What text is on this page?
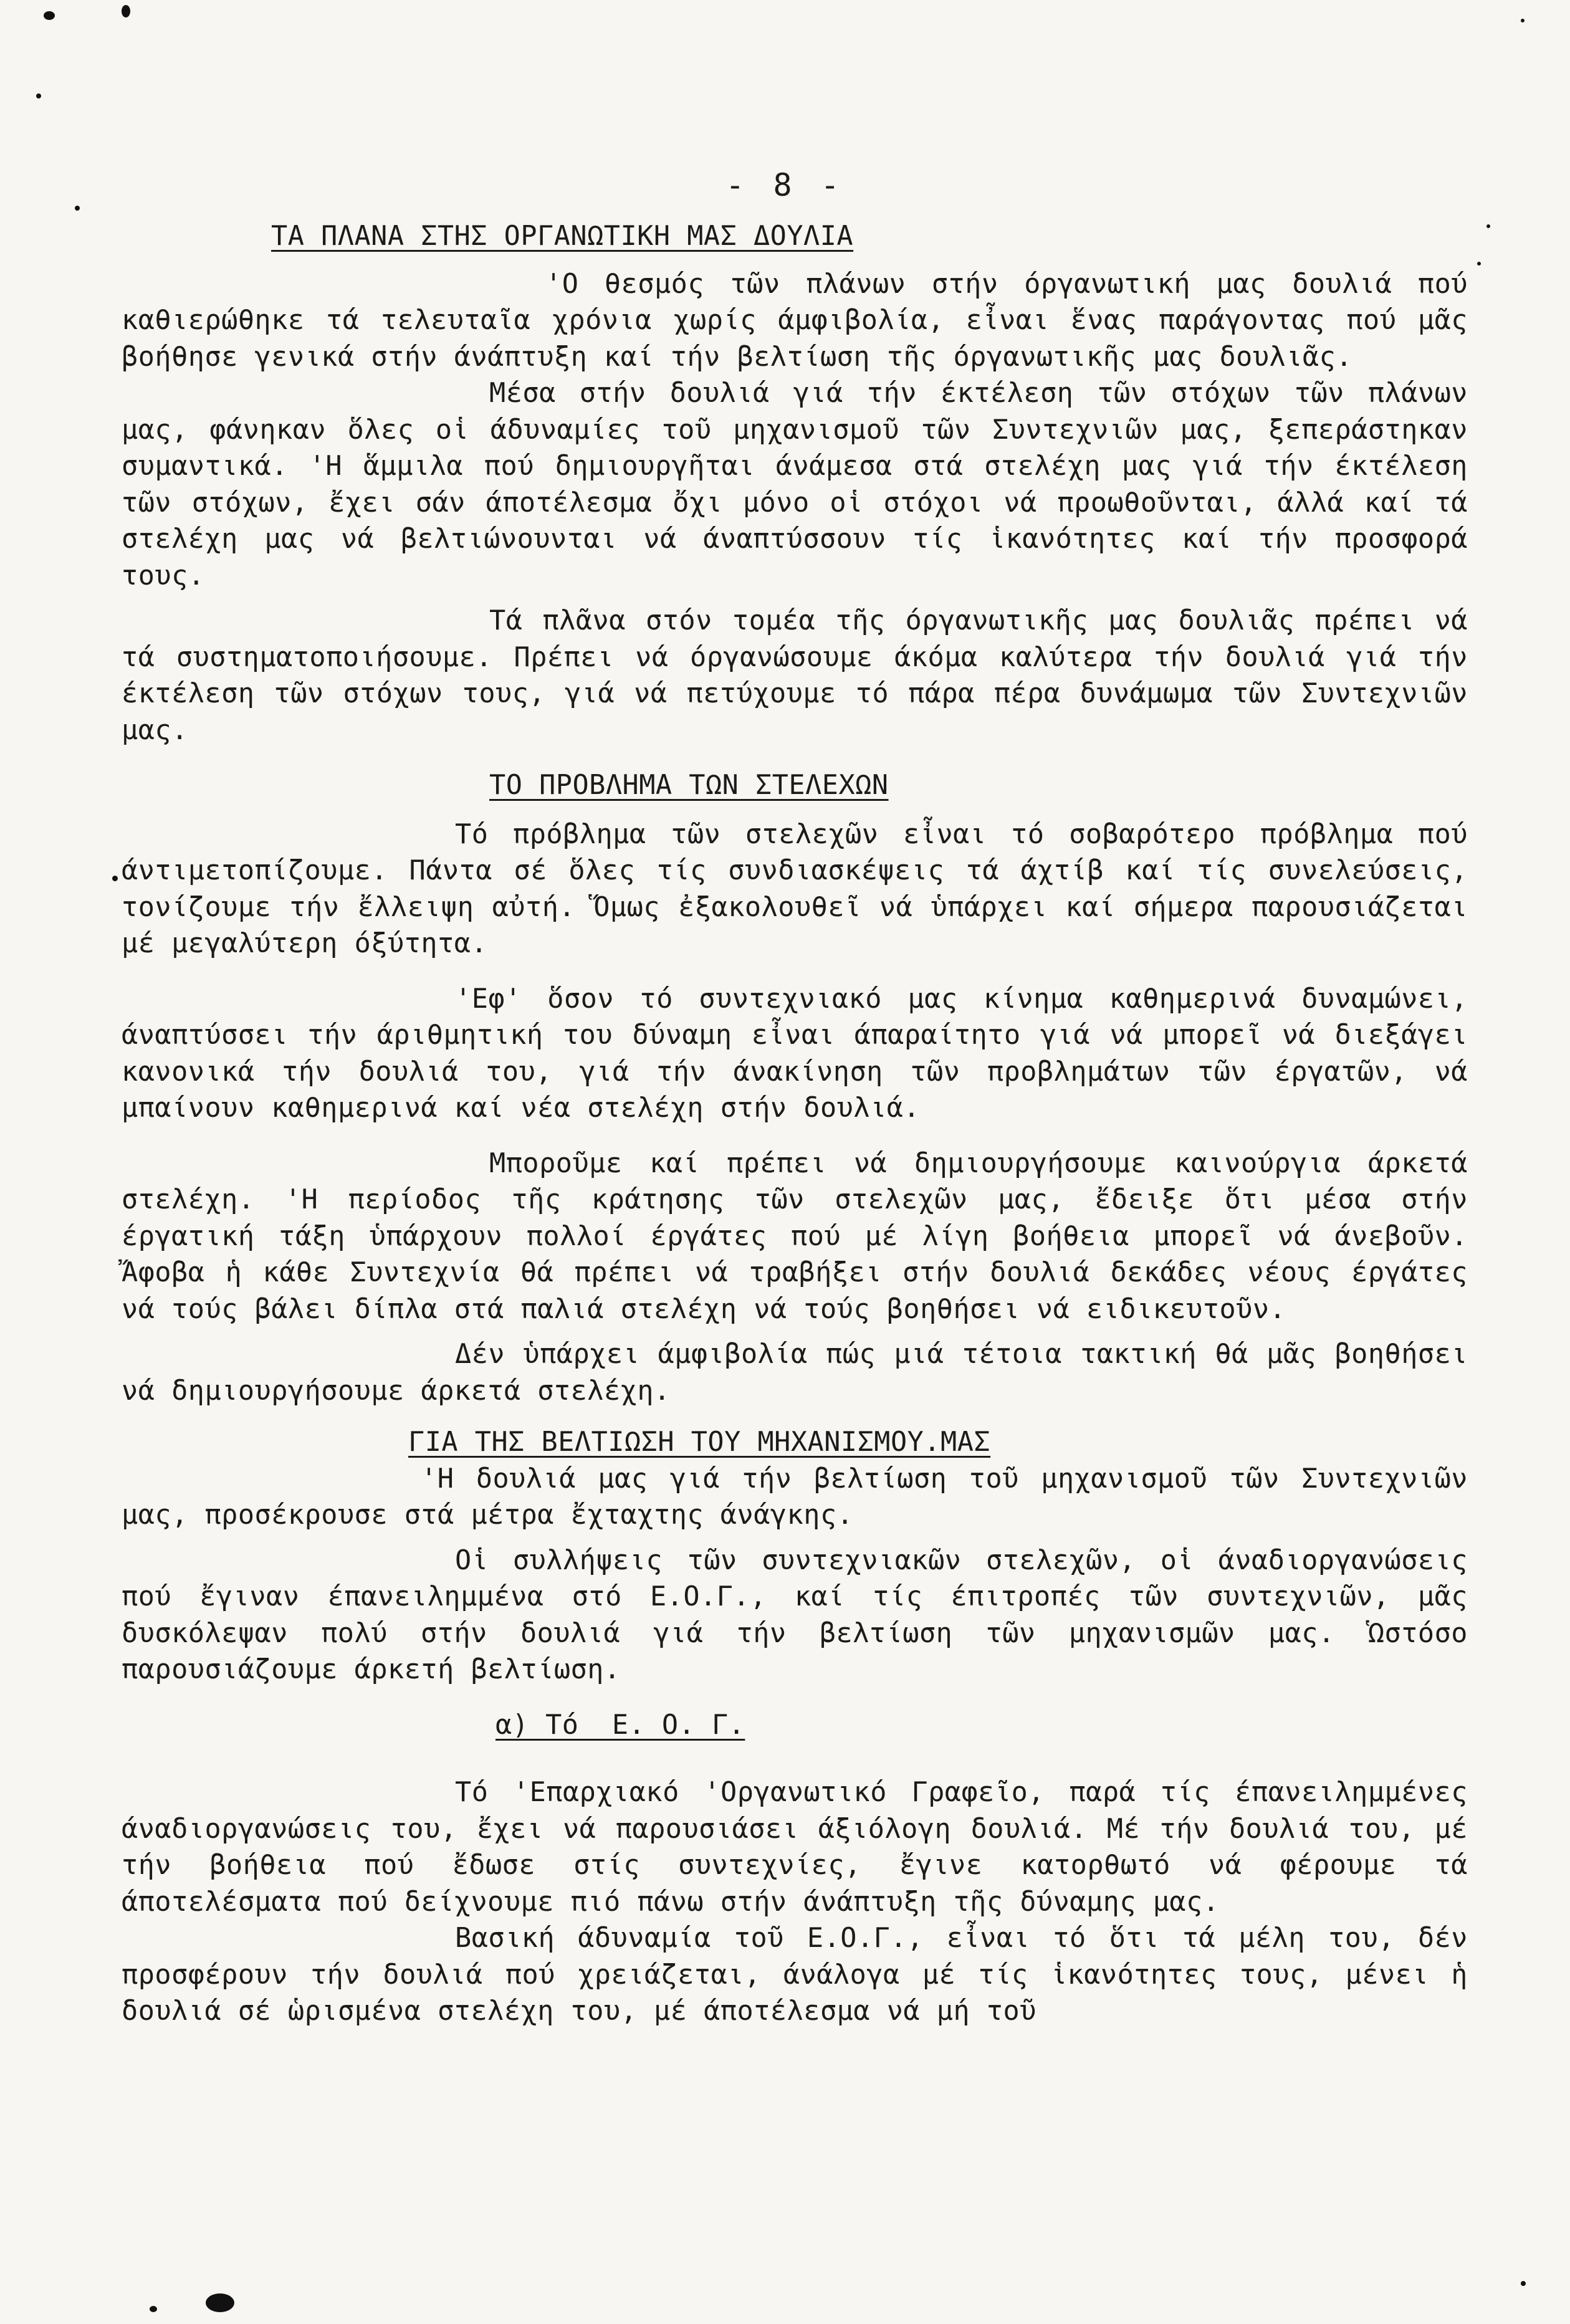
- 8 -
ΤΑ ΠΛΑΝΑ ΣΤΗΣ ΟΡΓΑΝΩΤΙΚΗ ΜΑΣ ΔΟΥΛΙΑ

'Ο θεσμός τῶν πλάνων στήν όργανωτική μας δουλιά πού καθιερώθηκε τά τελευταῖα χρόνια χωρίς άμφιβολία, εἶναι ἕνας παράγοντας πού μᾶς βοήθησε γενικά στήν άνάπτυξη καί τήν βελτίωση τῆς όργανωτικῆς μας δουλιᾶς.

Μέσα στήν δουλιά γιά τήν έκτέλεση τῶν στόχων τῶν πλάνων μας, φάνηκαν ὅλες οἱ άδυναμίες τοῦ μηχανισμοῦ τῶν Συντεχνιῶν μας, ξεπεράστηκαν συμαντικά. 'Η ἅμμιλα πού δημιουργῆται άνάμεσα στά στελέχη μας γιά τήν έκτέλεση τῶν στόχων, ἔχει σάν άποτέλεσμα ὄχι μόνο οἱ στόχοι νά προωθοῦνται, άλλά καί τά στελέχη μας νά βελτιώνουνται νά άναπτύσσουν τίς ἱκανότητες καί τήν προσφορά τους.

Τά πλᾶνα στόν τομέα τῆς όργανωτικῆς μας δουλιᾶς πρέπει νά τά συστηματοποιήσουμε. Πρέπει νά όργανώσουμε άκόμα καλύτερα τήν δουλιά γιά τήν έκτέλεση τῶν στόχων τους, γιά νά πετύχουμε τό πάρα πέρα δυνάμωμα τῶν Συντεχνιῶν μας.

ΤΟ ΠΡΟΒΛΗΜΑ ΤΩΝ ΣΤΕΛΕΧΩΝ

Τό πρόβλημα τῶν στελεχῶν εἶναι τό σοβαρότερο πρόβλημα πού άντιμετοπίζουμε. Πάντα σέ ὅλες τίς συνδιασκέψεις τά άχτίβ καί τίς συνελεύσεις, τονίζουμε τήν ἔλλειψη αὐτή. Ὅμως ἐξακολουθεῖ νά ὑπάρχει καί σήμερα παρουσιάζεται μέ μεγαλύτερη όξύτητα.

'Εφ' ὅσον τό συντεχνιακό μας κίνημα καθημερινά δυναμώνει, άναπτύσσει τήν άριθμητική του δύναμη εἶναι άπαραίτητο γιά νά μπορεῖ νά διεξάγει κανονικά τήν δουλιά του, γιά τήν άνακίνηση τῶν προβλημάτων τῶν έργατῶν, νά μπαίνουν καθημερινά καί νέα στελέχη στήν δουλιά.

Μποροῦμε καί πρέπει νά δημιουργήσουμε καινούργια άρκετά στελέχη. 'Η περίοδος τῆς κράτησης τῶν στελεχῶν μας, ἔδειξε ὅτι μέσα στήν έργατική τάξη ὑπάρχουν πολλοί έργάτες πού μέ λίγη βοήθεια μπορεῖ νά άνεβοῦν. Ἄφοβα ἡ κάθε Συντεχνία θά πρέπει νά τραβήξει στήν δουλιά δεκάδες νέους έργάτες νά τούς βάλει δίπλα στά παλιά στελέχη νά τούς βοηθήσει νά ειδικευτοῦν.

Δέν ὑπάρχει άμφιβολία πώς μιά τέτοια τακτική θά μᾶς βοηθήσει νά δημιουργήσουμε άρκετά στελέχη.

ΓΙΑ ΤΗΣ ΒΕΛΤΙΩΣΗ ΤΟΥ ΜΗΧΑΝΙΣΜΟΥ.ΜΑΣ

'Η δουλιά μας γιά τήν βελτίωση τοῦ μηχανισμοῦ τῶν Συντεχνιῶν μας, προσέκρουσε στά μέτρα ἔχταχτης άνάγκης.

Οἱ συλλήψεις τῶν συντεχνιακῶν στελεχῶν, οἱ άναδιοργανώσεις πού ἔγιναν έπανειλημμένα στό Ε.Ο.Γ., καί τίς έπιτροπές τῶν συντεχνιῶν, μᾶς δυσκόλεψαν πολύ στήν δουλιά γιά τήν βελτίωση τῶν μηχανισμῶν μας. Ὡστόσο παρουσιάζουμε άρκετή βελτίωση.

α) Τό  Ε. Ο. Γ.

Τό 'Επαρχιακό 'Οργανωτικό Γραφεῖο, παρά τίς έπανειλημμένες άναδιοργανώσεις του, ἔχει νά παρουσιάσει άξιόλογη δουλιά. Μέ τήν δουλιά του, μέ τήν βοήθεια πού ἔδωσε στίς συντεχνίες, ἔγινε κατορθωτό νά φέρουμε τά άποτελέσματα πού δείχνουμε πιό πάνω στήν άνάπτυξη τῆς δύναμης μας.

Βασική άδυναμία τοῦ Ε.Ο.Γ., εἶναι τό ὅτι τά μέλη του, δέν προσφέρουν τήν δουλιά πού χρειάζεται, άνάλογα μέ τίς ἱκανότητες τους, μένει ἡ δουλιά σέ ὡρισμένα στελέχη του, μέ άποτέλεσμα νά μή τοῦ
